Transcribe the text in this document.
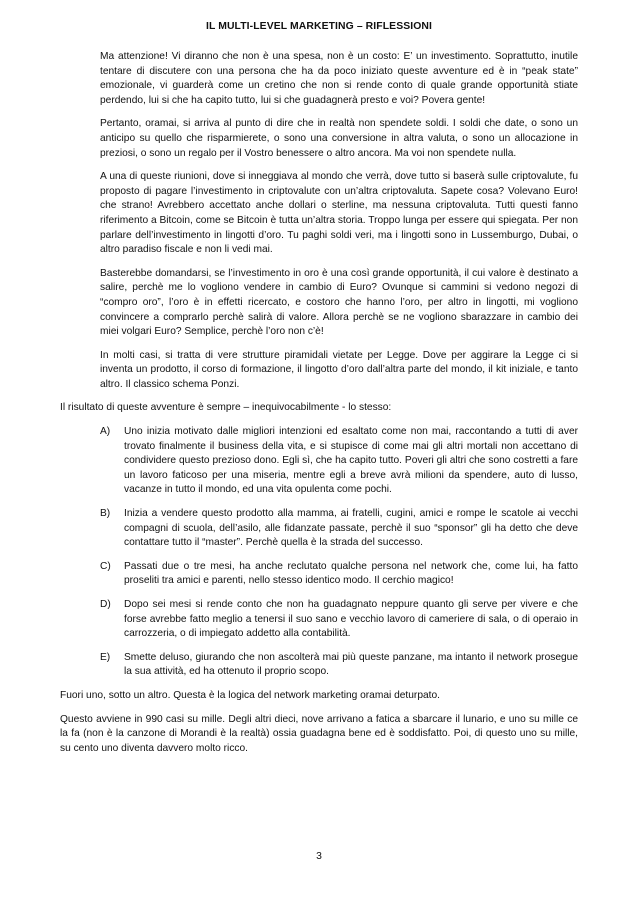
IL MULTI-LEVEL MARKETING – RIFLESSIONI

Ma attenzione! Vi diranno che non è una spesa, non è un costo: E’ un investimento. Soprattutto, inutile tentare di discutere con una persona che ha da poco iniziato queste avventure ed è in “peak state” emozionale, vi guarderà come un cretino che non si rende conto di quale grande opportunità stiate perdendo, lui si che ha capito tutto, lui si che guadagnerà presto e voi? Povera gente!

Pertanto, oramai, si arriva al punto di dire che in realtà non spendete soldi. I soldi che date, o sono un anticipo su quello che risparmierete, o sono una conversione in altra valuta, o sono un allocazione in preziosi, o sono un regalo per il Vostro benessere o altro ancora. Ma voi non spendete nulla.

A una di queste riunioni, dove si inneggiava al mondo che verrà, dove tutto si baserà sulle criptovalute, fu proposto di pagare l’investimento in criptovalute con un’altra criptovaluta. Sapete cosa? Volevano Euro! che strano! Avrebbero accettato anche dollari o sterline, ma nessuna criptovaluta. Tutti questi fanno riferimento a Bitcoin, come se Bitcoin è tutta un’altra storia. Troppo lunga per essere qui spiegata. Per non parlare dell’investimento in lingotti d’oro. Tu paghi soldi veri, ma i lingotti sono in Lussemburgo, Dubai, o altro paradiso fiscale e non li vedi mai.

Basterebbe domandarsi, se l’investimento in oro è una così grande opportunità, il cui valore è destinato a salire, perchè me lo vogliono vendere in cambio di Euro? Ovunque si cammini si vedono negozi di “compro oro”, l’oro è in effetti ricercato, e costoro che hanno l’oro, per altro in lingotti, mi vogliono convincere a comprarlo perchè salirà di valore. Allora perchè se ne vogliono sbarazzare in cambio dei miei volgari Euro? Semplice, perchè l’oro non c’è!

In molti casi, si tratta di vere strutture piramidali vietate per Legge. Dove per aggirare la Legge ci si inventa un prodotto, il corso di formazione, il lingotto d’oro dall’altra parte del mondo, il kit iniziale, e tanto altro. Il classico schema Ponzi.

Il risultato di queste avventure è sempre – inequivocabilmente - lo stesso:

A) Uno inizia motivato dalle migliori intenzioni ed esaltato come non mai, raccontando a tutti di aver trovato finalmente il business della vita, e si stupisce di come mai gli altri mortali non accettano di condividere questo prezioso dono. Egli sì, che ha capito tutto. Poveri gli altri che sono costretti a fare un lavoro faticoso per una miseria, mentre egli a breve avrà milioni da spendere, auto di lusso, vacanze in tutto il mondo, ed una vita opulenta come pochi.
B) Inizia a vendere questo prodotto alla mamma, ai fratelli, cugini, amici e rompe le scatole ai vecchi compagni di scuola, dell’asilo, alle fidanzate passate, perchè il suo “sponsor” gli ha detto che deve contattare tutto il “master”. Perchè quella è la strada del successo.
C) Passati due o tre mesi, ha anche reclutato qualche persona nel network che, come lui, ha fatto proseliti tra amici e parenti, nello stesso identico modo. Il cerchio magico!
D) Dopo sei mesi si rende conto che non ha guadagnato neppure quanto gli serve per vivere e che forse avrebbe fatto meglio a tenersi il suo sano e vecchio lavoro di cameriere di sala, o di operaio in carrozzeria, o di impiegato addetto alla contabilità.
E) Smette deluso, giurando che non ascolterà mai più queste panzane, ma intanto il network prosegue la sua attività, ed ha ottenuto il proprio scopo.

Fuori uno, sotto un altro. Questa è la logica del network marketing oramai deturpato.

Questo avviene in 990 casi su mille. Degli altri dieci, nove arrivano a fatica a sbarcare il lunario, e uno su mille ce la fa (non è la canzone di Morandi è la realtà) ossia guadagna bene ed è soddisfatto. Poi, di questo uno su mille, su cento uno diventa davvero molto ricco.

3
